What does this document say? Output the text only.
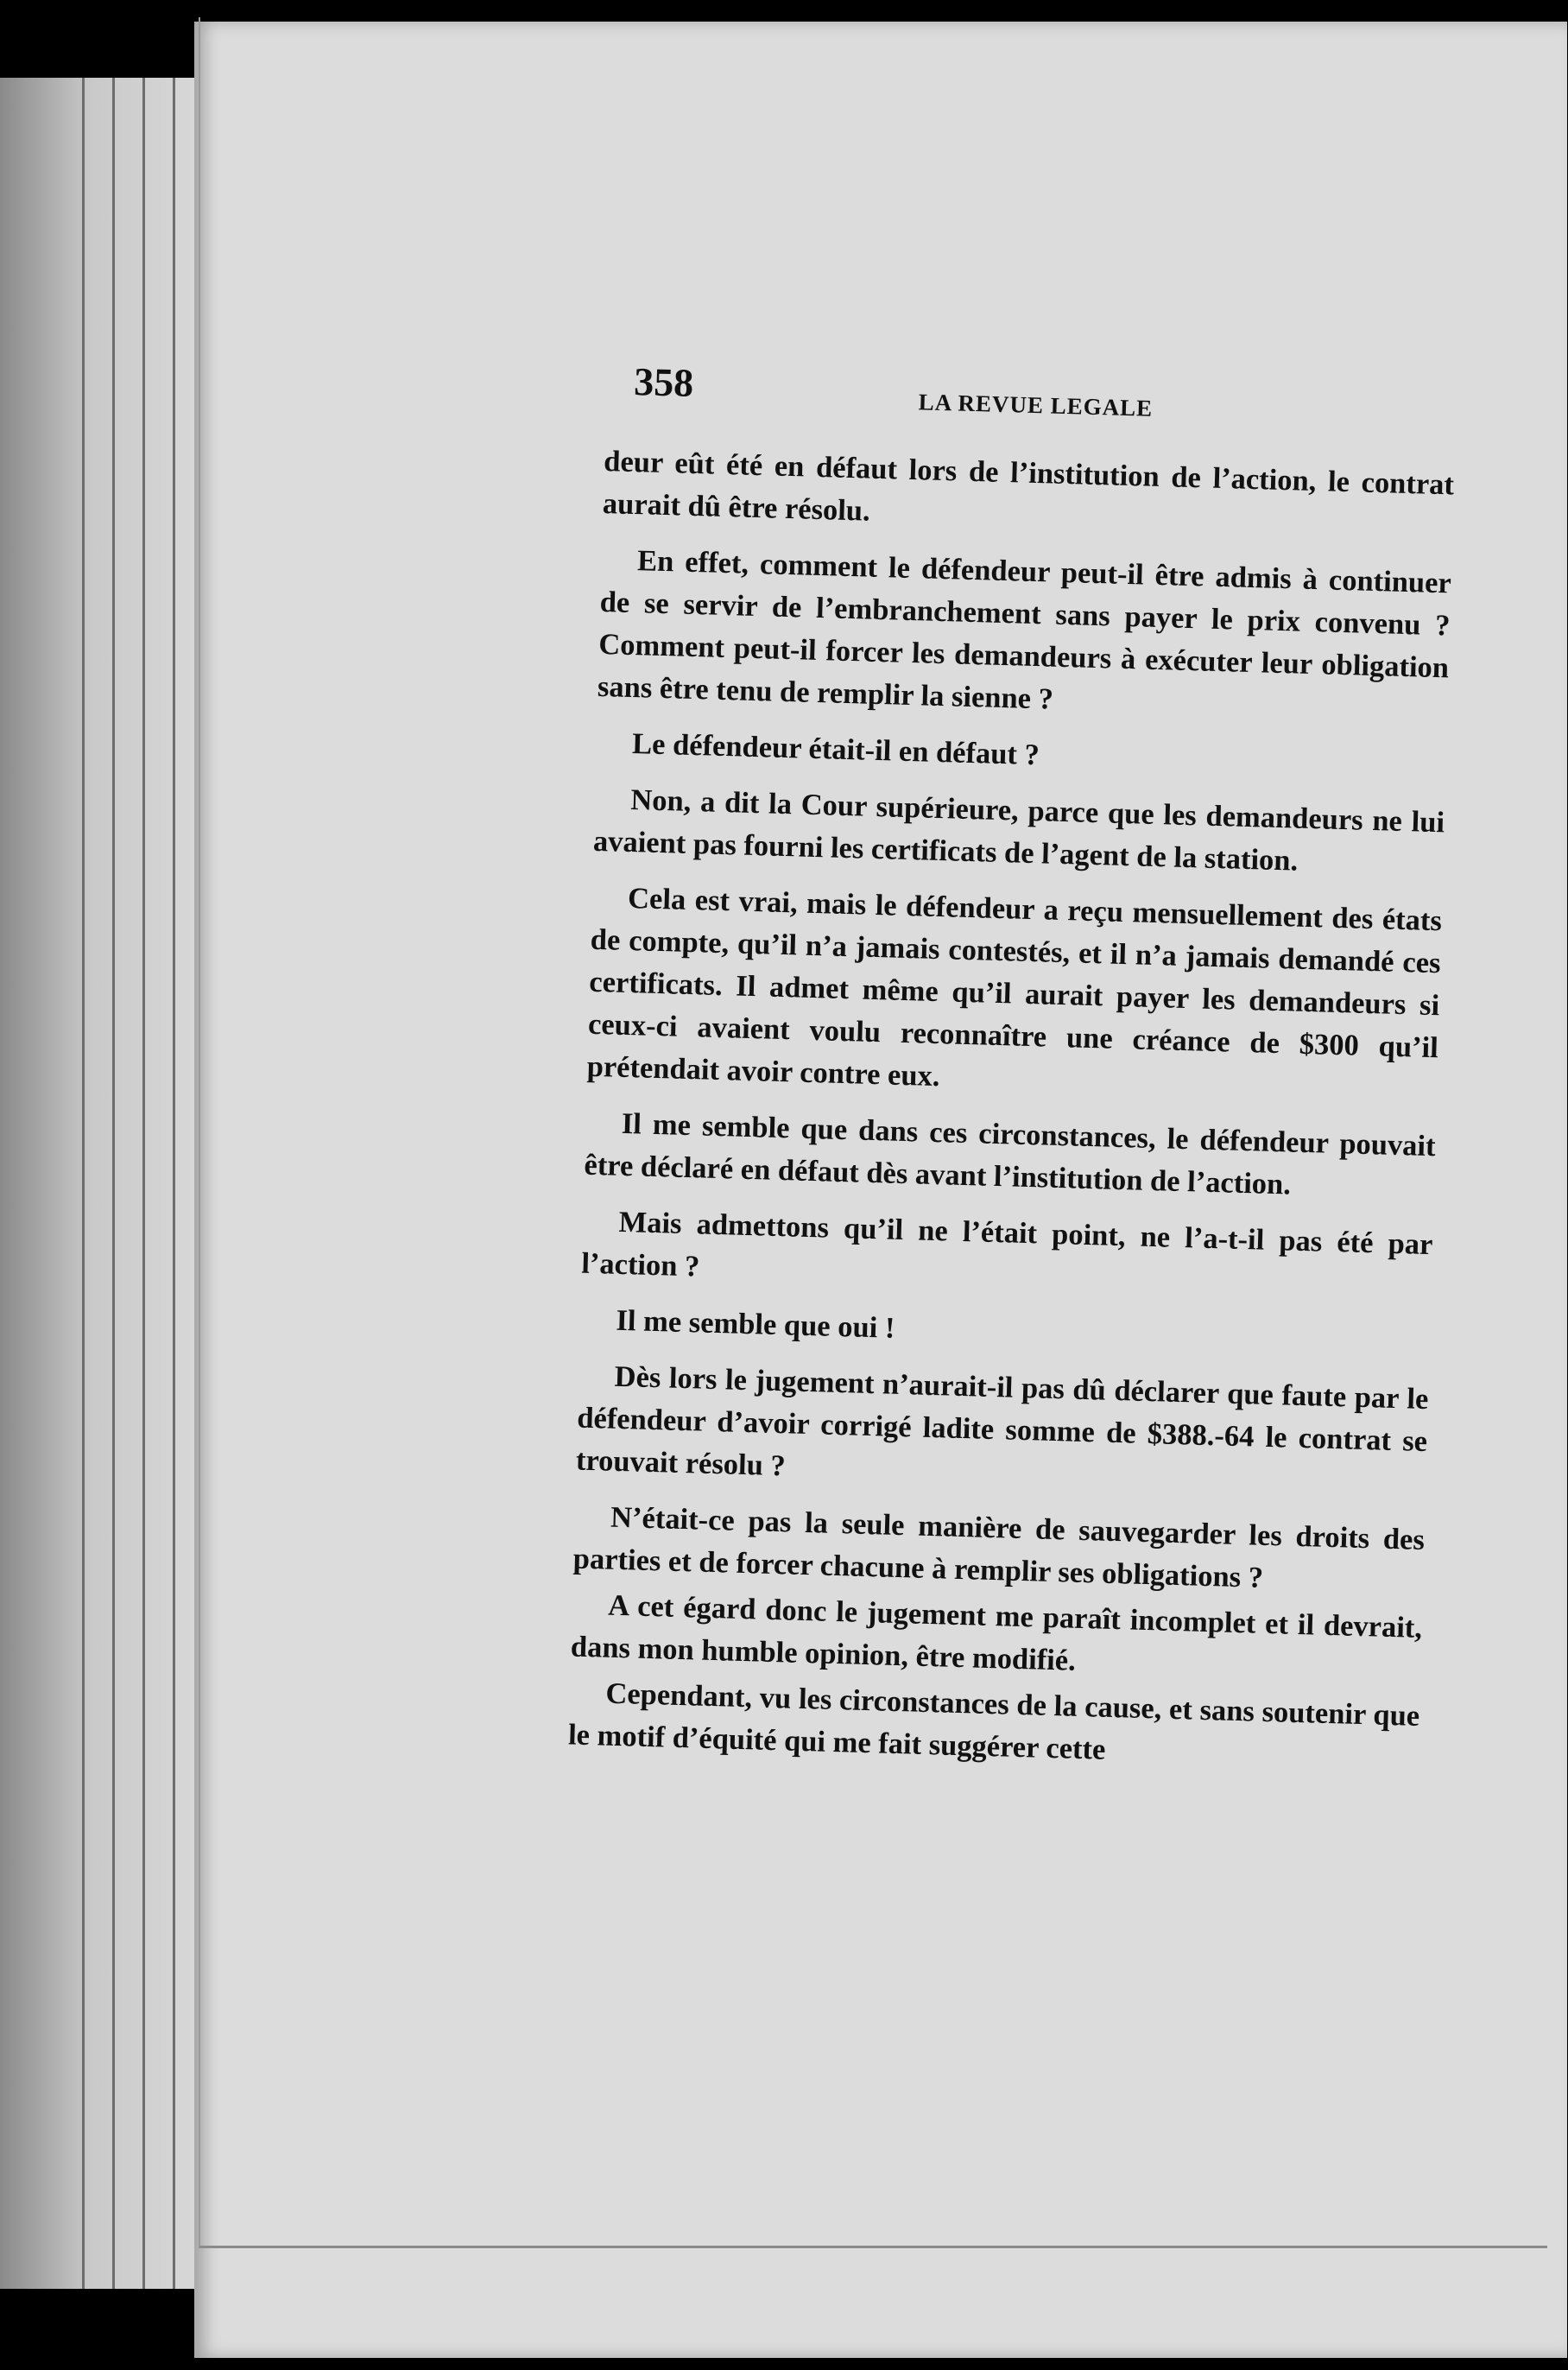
358
LA REVUE LEGALE

deur eût été en défaut lors de l’institution de l’action, le contrat aurait dû être résolu.

En effet, comment le défendeur peut-il être admis à continuer de se servir de l’embranchement sans payer le prix convenu ? Comment peut-il forcer les demandeurs à exécuter leur obligation sans être tenu de remplir la sienne ?

Le défendeur était-il en défaut ?

Non, a dit la Cour supérieure, parce que les demandeurs ne lui avaient pas fourni les certificats de l’agent de la station.

Cela est vrai, mais le défendeur a reçu mensuellement des états de compte, qu’il n’a jamais contestés, et il n’a jamais demandé ces certificats. Il admet même qu’il aurait payer les demandeurs si ceux-ci avaient voulu reconnaître une créance de $300 qu’il prétendait avoir contre eux.

Il me semble que dans ces circonstances, le défendeur pouvait être déclaré en défaut dès avant l’institution de l’action.

Mais admettons qu’il ne l’était point, ne l’a-t-il pas été par l’action ?

Il me semble que oui !

Dès lors le jugement n’aurait-il pas dû déclarer que faute par le défendeur d’avoir corrigé ladite somme de $388.-64 le contrat se trouvait résolu ?

N’était-ce pas la seule manière de sauvegarder les droits des parties et de forcer chacune à remplir ses obligations ?

A cet égard donc le jugement me paraît incomplet et il devrait, dans mon humble opinion, être modifié.

Cependant, vu les circonstances de la cause, et sans soutenir que le motif d’équité qui me fait suggérer cette
